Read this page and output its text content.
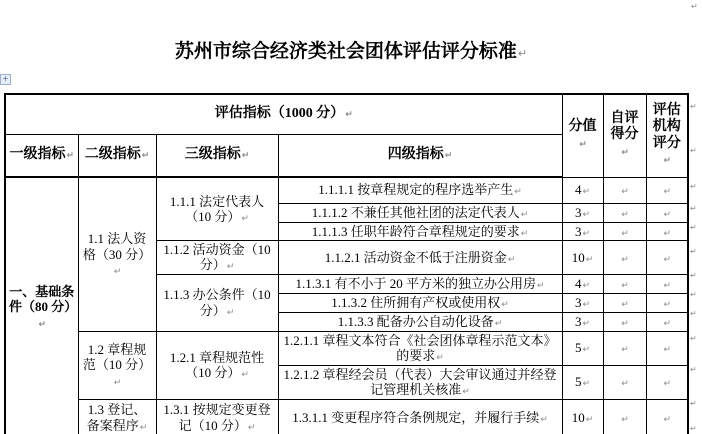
苏州市综合经济类社会团体评估评分标准↵
+
评估指标（1000 分）↵				分值↵	自评得分↵	评估机构评分↵
一级指标↵	二级指标↵	三级指标↵	四级指标↵			
一、基础条件（80 分）↵	1.1 法人资格（30 分）↵	1.1.1 法定代表人（10 分）↵	1.1.1.1 按章程规定的程序选举产生↵	4↵	↵	↵
			1.1.1.2 不兼任其他社团的法定代表人↵	3↵	↵	↵
			1.1.1.3 任职年龄符合章程规定的要求↵	3↵	↵	↵
		1.1.2 活动资金（10 分）↵	1.1.2.1 活动资金不低于注册资金↵	10↵	↵	↵
		1.1.3 办公条件（10 分）↵	1.1.3.1 有不小于 20 平方米的独立办公用房↵	4↵	↵	↵
			1.1.3.2 住所拥有产权或使用权↵	3↵	↵	↵
			1.1.3.3 配备办公自动化设备↵	3↵	↵	↵
	1.2 章程规范（10 分）↵	1.2.1 章程规范性（10 分）↵	1.2.1.1 章程文本符合《社会团体章程示范文本》的要求↵	5↵	↵	↵
			1.2.1.2 章程经会员（代表）大会审议通过并经登记管理机关核准↵	5↵	↵	↵
	1.3 登记、备案程序↵	1.3.1 按规定变更登记（10 分）↵	1.3.1.1 变更程序符合条例规定，并履行手续↵	10↵	↵	↵
↵
↵
↵
↵
↵
↵
↵
↵
↵
↵
↵
↵
↵
↵
